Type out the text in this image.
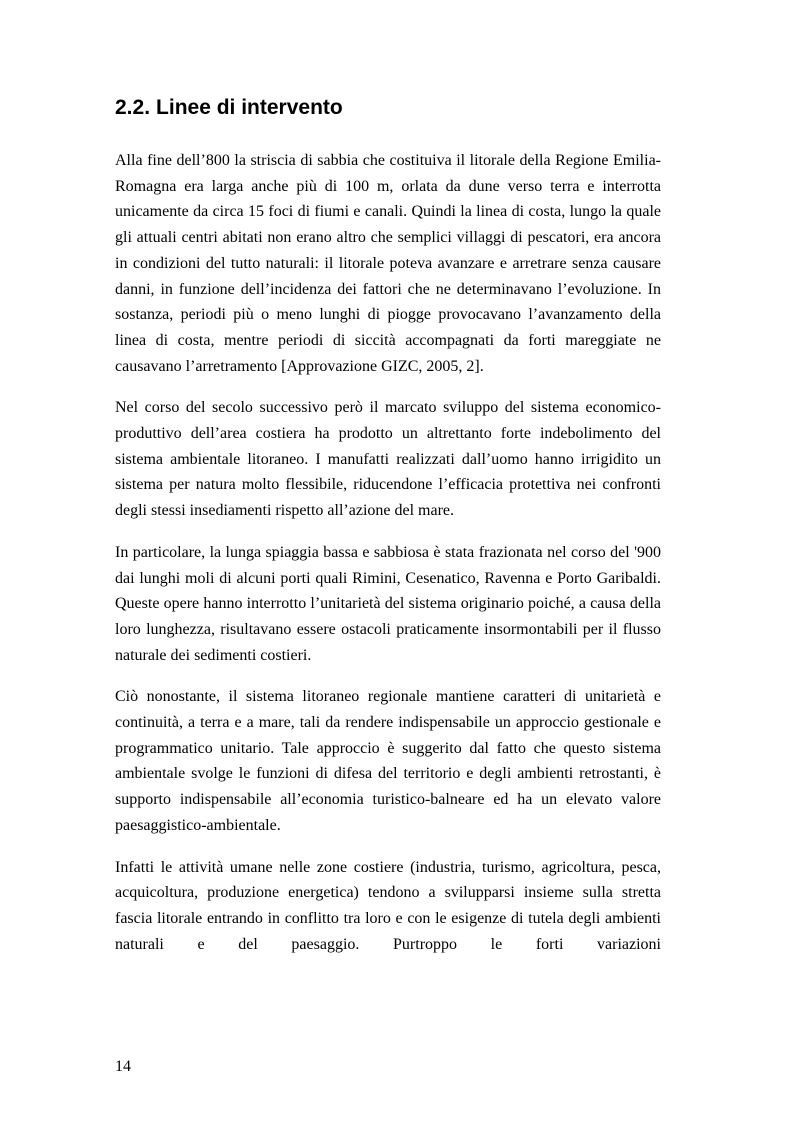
2.2. Linee di intervento

Alla fine dell’800 la striscia di sabbia che costituiva il litorale della Regione Emilia-Romagna era larga anche più di 100 m, orlata da dune verso terra e interrotta unicamente da circa 15 foci di fiumi e canali. Quindi la linea di costa, lungo la quale gli attuali centri abitati non erano altro che semplici villaggi di pescatori, era ancora in condizioni del tutto naturali: il litorale poteva avanzare e arretrare senza causare danni, in funzione dell’incidenza dei fattori che ne determinavano l’evoluzione. In sostanza, periodi più o meno lunghi di piogge provocavano l’avanzamento della linea di costa, mentre periodi di siccità accompagnati da forti mareggiate ne causavano l’arretramento [Approvazione GIZC, 2005, 2].

Nel corso del secolo successivo però il marcato sviluppo del sistema economico-produttivo dell’area costiera ha prodotto un altrettanto forte indebolimento del sistema ambientale litoraneo. I manufatti realizzati dall’uomo hanno irrigidito un sistema per natura molto flessibile, riducendone l’efficacia protettiva nei confronti degli stessi insediamenti rispetto all’azione del mare.

In particolare, la lunga spiaggia bassa e sabbiosa è stata frazionata nel corso del '900 dai lunghi moli di alcuni porti quali Rimini, Cesenatico, Ravenna e Porto Garibaldi. Queste opere hanno interrotto l’unitarietà del sistema originario poiché, a causa della loro lunghezza, risultavano essere ostacoli praticamente insormontabili per il flusso naturale dei sedimenti costieri.

Ciò nonostante, il sistema litoraneo regionale mantiene caratteri di unitarietà e continuità, a terra e a mare, tali da rendere indispensabile un approccio gestionale e programmatico unitario. Tale approccio è suggerito dal fatto che questo sistema ambientale svolge le funzioni di difesa del territorio e degli ambienti retrostanti, è supporto indispensabile all’economia turistico-balneare ed ha un elevato valore paesaggistico-ambientale.

Infatti le attività umane nelle zone costiere (industria, turismo, agricoltura, pesca, acquicoltura, produzione energetica) tendono a svilupparsi insieme sulla stretta fascia litorale entrando in conflitto tra loro e con le esigenze di tutela degli ambienti naturali e del paesaggio. Purtroppo le forti variazioni

14
